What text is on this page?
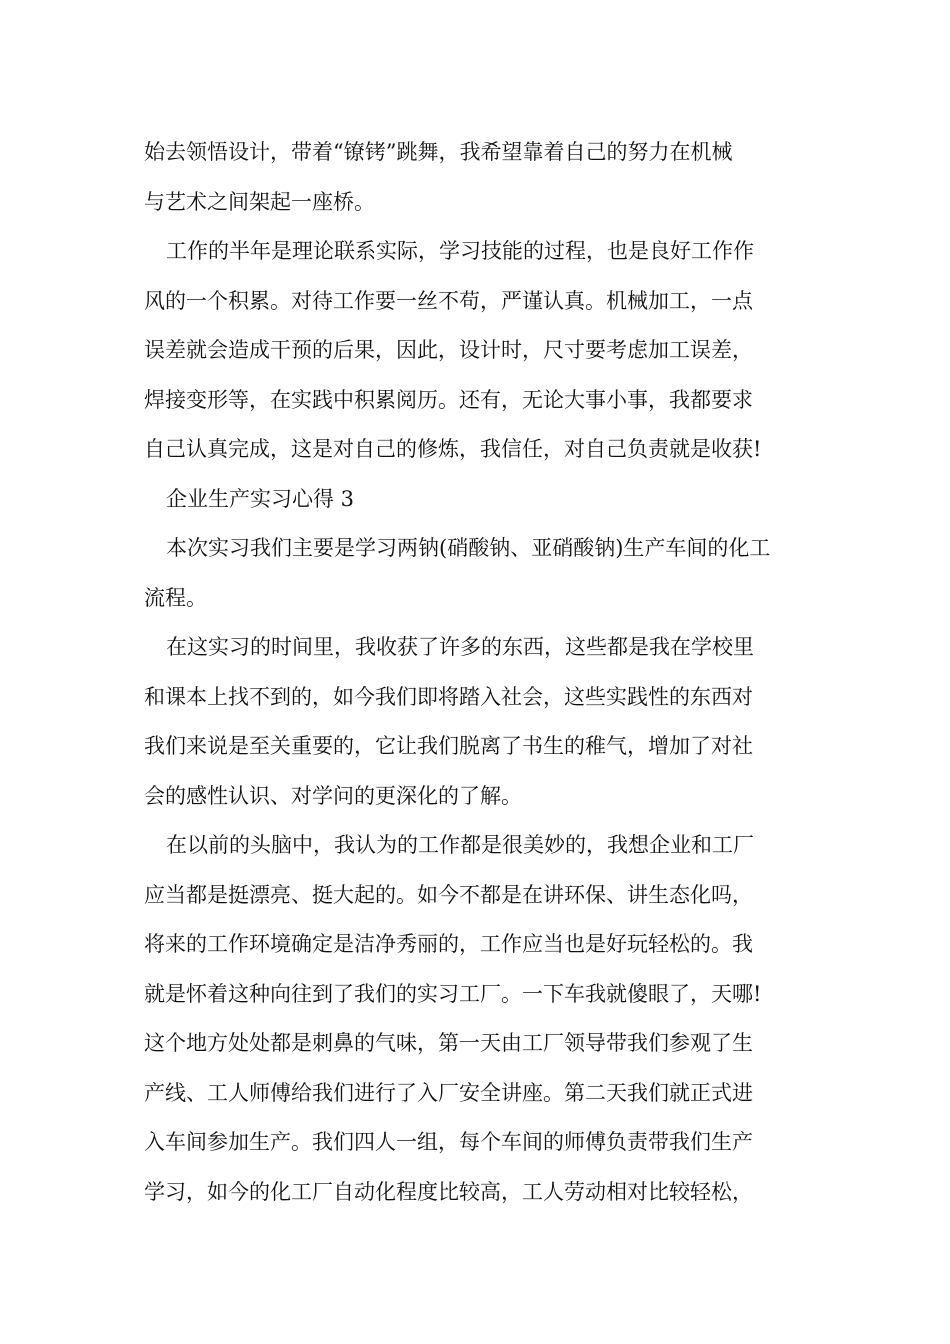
始去领悟设计，带着“镣铐”跳舞，我希望靠着自己的努力在机械
与艺术之间架起一座桥。
工作的半年是理论联系实际，学习技能的过程，也是良好工作作
风的一个积累。对待工作要一丝不苟，严谨认真。机械加工，一点
误差就会造成干预的后果，因此，设计时，尺寸要考虑加工误差，
焊接变形等，在实践中积累阅历。还有，无论大事小事，我都要求
自己认真完成，这是对自己的修炼，我信任，对自己负责就是收获!
企业生产实习心得 3
本次实习我们主要是学习两钠(硝酸钠、亚硝酸钠)生产车间的化工
流程。
在这实习的时间里，我收获了许多的东西，这些都是我在学校里
和课本上找不到的，如今我们即将踏入社会，这些实践性的东西对
我们来说是至关重要的，它让我们脱离了书生的稚气，增加了对社
会的感性认识、对学问的更深化的了解。
在以前的头脑中，我认为的工作都是很美妙的，我想企业和工厂
应当都是挺漂亮、挺大起的。如今不都是在讲环保、讲生态化吗，
将来的工作环境确定是洁净秀丽的，工作应当也是好玩轻松的。我
就是怀着这种向往到了我们的实习工厂。一下车我就傻眼了，天哪!
这个地方处处都是刺鼻的气味，第一天由工厂领导带我们参观了生
产线、工人师傅给我们进行了入厂安全讲座。第二天我们就正式进
入车间参加生产。我们四人一组，每个车间的师傅负责带我们生产
学习，如今的化工厂自动化程度比较高，工人劳动相对比较轻松，
